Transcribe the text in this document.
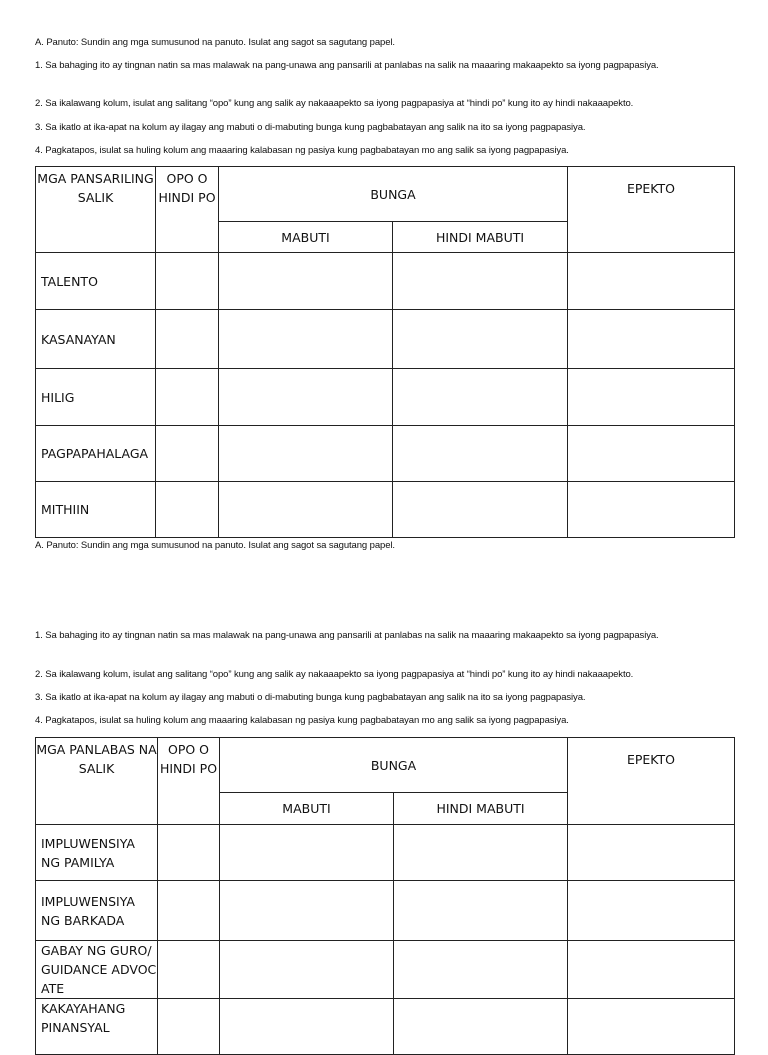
A. Panuto: Sundin ang mga sumusunod na panuto. Isulat ang sagot sa sagutang papel.
1. Sa bahaging ito ay tingnan natin sa mas malawak na pang-unawa ang pansarili at panlabas na salik na maaaring makaapekto sa iyong pagpapasiya.
2. Sa ikalawang kolum, isulat ang salitang “opo” kung ang salik ay nakaaapekto sa iyong pagpapasiya at “hindi po” kung ito ay hindi nakaaapekto.
3. Sa ikatlo at ika-apat na kolum ay ilagay ang mabuti o di-mabuting bunga kung pagbabatayan ang salik na ito sa iyong pagpapasiya.
4. Pagkatapos, isulat sa huling kolum ang maaaring kalabasan ng pasiya kung pagbabatayan mo ang salik sa iyong pagpapasiya.
MGA PANSARILING SALIK	OPO O HINDI PO	BUNGA		EPEKTO
		MABUTI	HINDI MABUTI	
TALENTO				
KASANAYAN				
HILIG				
PAGPAPAHALAGA				
MITHIIN				
A. Panuto: Sundin ang mga sumusunod na panuto. Isulat ang sagot sa sagutang papel.
1. Sa bahaging ito ay tingnan natin sa mas malawak na pang-unawa ang pansarili at panlabas na salik na maaaring makaapekto sa iyong pagpapasiya.
2. Sa ikalawang kolum, isulat ang salitang “opo” kung ang salik ay nakaaapekto sa iyong pagpapasiya at “hindi po” kung ito ay hindi nakaaapekto.
3. Sa ikatlo at ika-apat na kolum ay ilagay ang mabuti o di-mabuting bunga kung pagbabatayan ang salik na ito sa iyong pagpapasiya.
4. Pagkatapos, isulat sa huling kolum ang maaaring kalabasan ng pasiya kung pagbabatayan mo ang salik sa iyong pagpapasiya.
MGA PANLABAS NA SALIK	OPO O HINDI PO	BUNGA		EPEKTO
		MABUTI	HINDI MABUTI	
IMPLUWENSIYA NG PAMILYA				
IMPLUWENSIYA NG BARKADA				
GABAY NG GURO/GUIDANCE ADVOCATE				
KAKAYAHANG PINANSYAL				
